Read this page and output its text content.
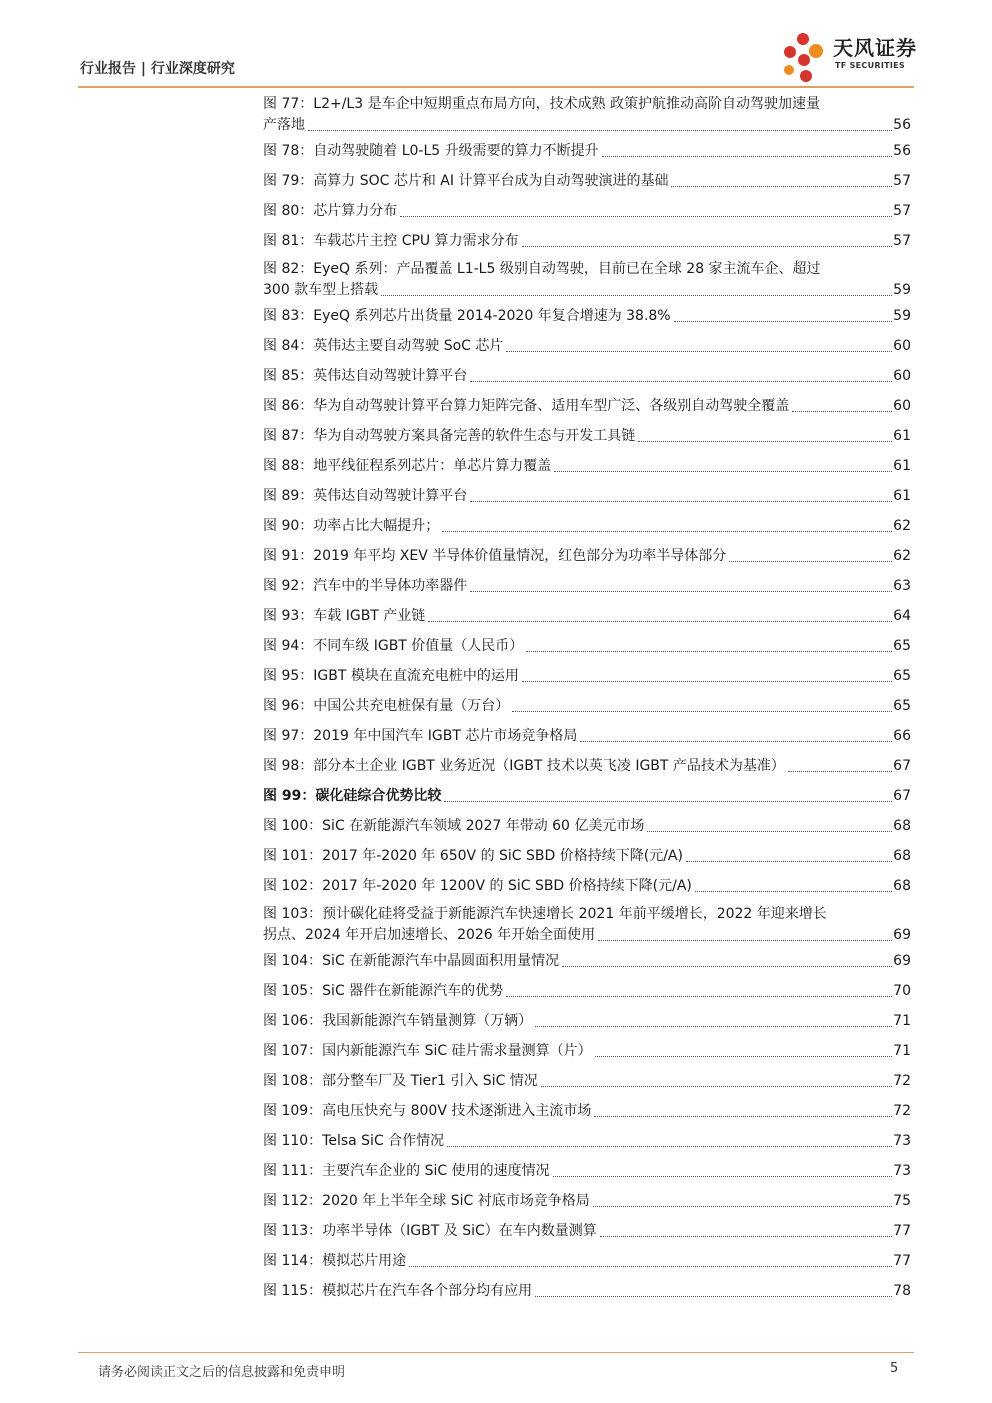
行业报告 | 行业深度研究
天风证券
TF SECURITIES
图 77：L2+/L3 是车企中短期重点布局方向，技术成熟 政策护航推动高阶自动驾驶加速量
产落地	56
图 78：自动驾驶随着 L0-L5 升级需要的算力不断提升	56
图 79：高算力 SOC 芯片和 AI 计算平台成为自动驾驶演进的基础	57
图 80：芯片算力分布	57
图 81：车载芯片主控 CPU 算力需求分布	57
图 82：EyeQ 系列：产品覆盖 L1-L5 级别自动驾驶，目前已在全球 28 家主流车企、超过
300 款车型上搭载	59
图 83：EyeQ 系列芯片出货量 2014-2020 年复合增速为 38.8%	59
图 84：英伟达主要自动驾驶 SoC 芯片	60
图 85：英伟达自动驾驶计算平台	60
图 86：华为自动驾驶计算平台算力矩阵完备、适用车型广泛、各级别自动驾驶全覆盖	60
图 87：华为自动驾驶方案具备完善的软件生态与开发工具链	61
图 88：地平线征程系列芯片：单芯片算力覆盖	61
图 89：英伟达自动驾驶计算平台	61
图 90：功率占比大幅提升；	62
图 91：2019 年平均 XEV 半导体价值量情况，红色部分为功率半导体部分	62
图 92：汽车中的半导体功率器件	63
图 93：车载 IGBT 产业链	64
图 94：不同车级 IGBT 价值量（人民币）	65
图 95：IGBT 模块在直流充电桩中的运用	65
图 96：中国公共充电桩保有量（万台）	65
图 97：2019 年中国汽车 IGBT 芯片市场竞争格局	66
图 98：部分本土企业 IGBT 业务近况（IGBT 技术以英飞凌 IGBT 产品技术为基准）	67
图 99：碳化硅综合优势比较	67
图 100：SiC 在新能源汽车领域 2027 年带动 60 亿美元市场	68
图 101：2017 年-2020 年 650V 的 SiC SBD 价格持续下降(元/A)	68
图 102：2017 年-2020 年 1200V 的 SiC SBD 价格持续下降(元/A)	68
图 103：预计碳化硅将受益于新能源汽车快速增长 2021 年前平缓增长，2022 年迎来增长
拐点、2024 年开启加速增长、2026 年开始全面使用	69
图 104：SiC 在新能源汽车中晶圆面积用量情况	69
图 105：SiC 器件在新能源汽车的优势	70
图 106：我国新能源汽车销量测算（万辆）	71
图 107：国内新能源汽车 SiC 硅片需求量测算（片）	71
图 108：部分整车厂及 Tier1 引入 SiC 情况	72
图 109：高电压快充与 800V 技术逐渐进入主流市场	72
图 110：Telsa SiC 合作情况	73
图 111：主要汽车企业的 SiC 使用的速度情况	73
图 112：2020 年上半年全球 SiC 衬底市场竞争格局	75
图 113：功率半导体（IGBT 及 SiC）在车内数量测算	77
图 114：模拟芯片用途	77
图 115：模拟芯片在汽车各个部分均有应用	78
请务必阅读正文之后的信息披露和免责申明	5
